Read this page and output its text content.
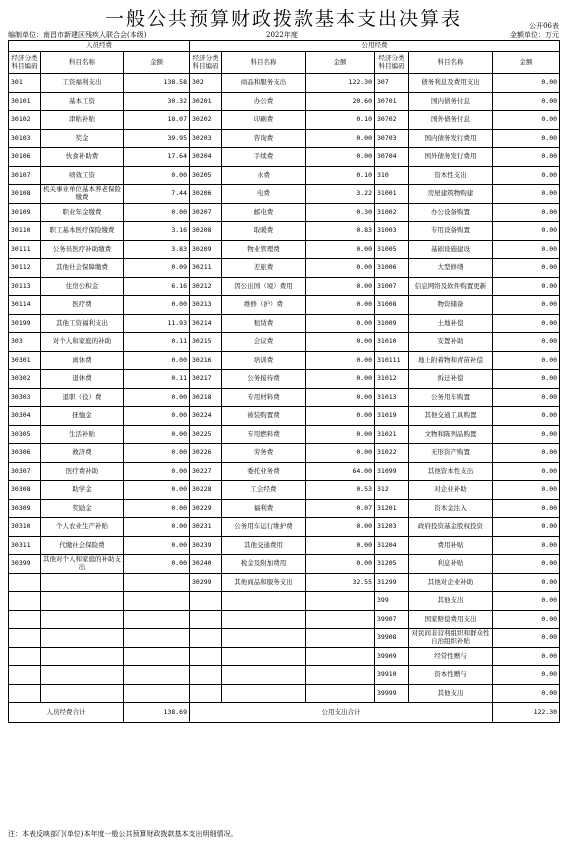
一般公共预算财政拨款基本支出决算表	公开06表
编制单位：南昌市新建区残疾人联合会(本级)	2022年度	金额单位：万元
人员经费			公用经费					
经济分类科目编码	科目名称	金额	经济分类科目编码	科目名称	金额	经济分类科目编码	科目名称	金额
301	工资福利支出	138.58	302	商品和服务支出	122.30	307	债务利息及费用支出	0.00
30101	基本工资	30.32	30201	办公费	20.60	30701	国内债务付息	0.00
30102	津贴补贴	18.07	30202	印刷费	0.10	30702	国外债务付息	0.00
30103	奖金	39.95	30203	咨询费	0.00	30703	国内债务发行费用	0.00
30106	伙食补助费	17.64	30204	手续费	0.00	30704	国外债务发行费用	0.00
30107	绩效工资	0.00	30205	水费	0.10	310	资本性支出	0.00
30108	机关事业单位基本养老保险缴费	7.44	30206	电费	3.22	31001	房屋建筑物购建	0.00
30109	职业年金缴费	0.00	30207	邮电费	0.30	31002	办公设备购置	0.00
30110	职工基本医疗保险缴费	3.16	30208	取暖费	0.83	31003	专用设备购置	0.00
30111	公务员医疗补助缴费	3.83	30209	物业管理费	0.00	31005	基础设施建设	0.00
30112	其他社会保障缴费	0.09	30211	差旅费	0.00	31006	大型修缮	0.00
30113	住房公积金	6.16	30212	因公出国（境）费用	0.00	31007	信息网络及软件购置更新	0.00
30114	医疗费	0.00	30213	维修（护）费	0.00	31008	物资储备	0.00
30199	其他工资福利支出	11.93	30214	租赁费	0.00	31009	土地补偿	0.00
303	对个人和家庭的补助	0.11	30215	会议费	0.00	31010	安置补助	0.00
30301	离休费	0.00	30216	培训费	0.00	310111	地上附着物和青苗补偿	0.00
30302	退休费	0.11	30217	公务接待费	0.00	31012	拆迁补偿	0.00
30303	退职（役）费	0.00	30218	专用材料费	0.00	31013	公务用车购置	0.00
30304	抚恤金	0.00	30224	被装购置费	0.00	31019	其他交通工具购置	0.00
30305	生活补贴	0.00	30225	专用燃料费	0.00	31021	文物和陈列品购置	0.00
30306	救济费	0.00	30226	劳务费	0.00	31022	无形资产购置	0.00
30307	医疗费补助	0.00	30227	委托业务费	64.00	31099	其他资本性支出	0.00
30308	助学金	0.00	30228	工会经费	0.53	312	对企业补助	0.00
30309	奖励金	0.00	30229	福利费	0.07	31201	资本金注入	0.00
30310	个人农业生产补贴	0.00	30231	公务用车运行维护费	0.00	31203	政府投资基金股权投资	0.00
30311	代缴社会保险费	0.00	30239	其他交通费用	0.00	31204	费用补贴	0.00
30399	其他对个人和家庭的补助支出	0.00	30240	税金及附加费用	0.00	31205	利息补贴	0.00
			30299	其他商品和服务支出	32.55	31299	其他对企业补助	0.00
						399	其他支出	0.00
						39907	国家赔偿费用支出	0.00
						39908	对民间非营利组织和群众性自治组织补贴	0.00
						39909	经常性赠与	0.00
						39910	资本性赠与	0.00
						39999	其他支出	0.00
人员经费合计		138.69	公用支出合计					122.30
注：本表反映部门(单位)本年度一般公共预算财政拨款基本支出明细情况。
